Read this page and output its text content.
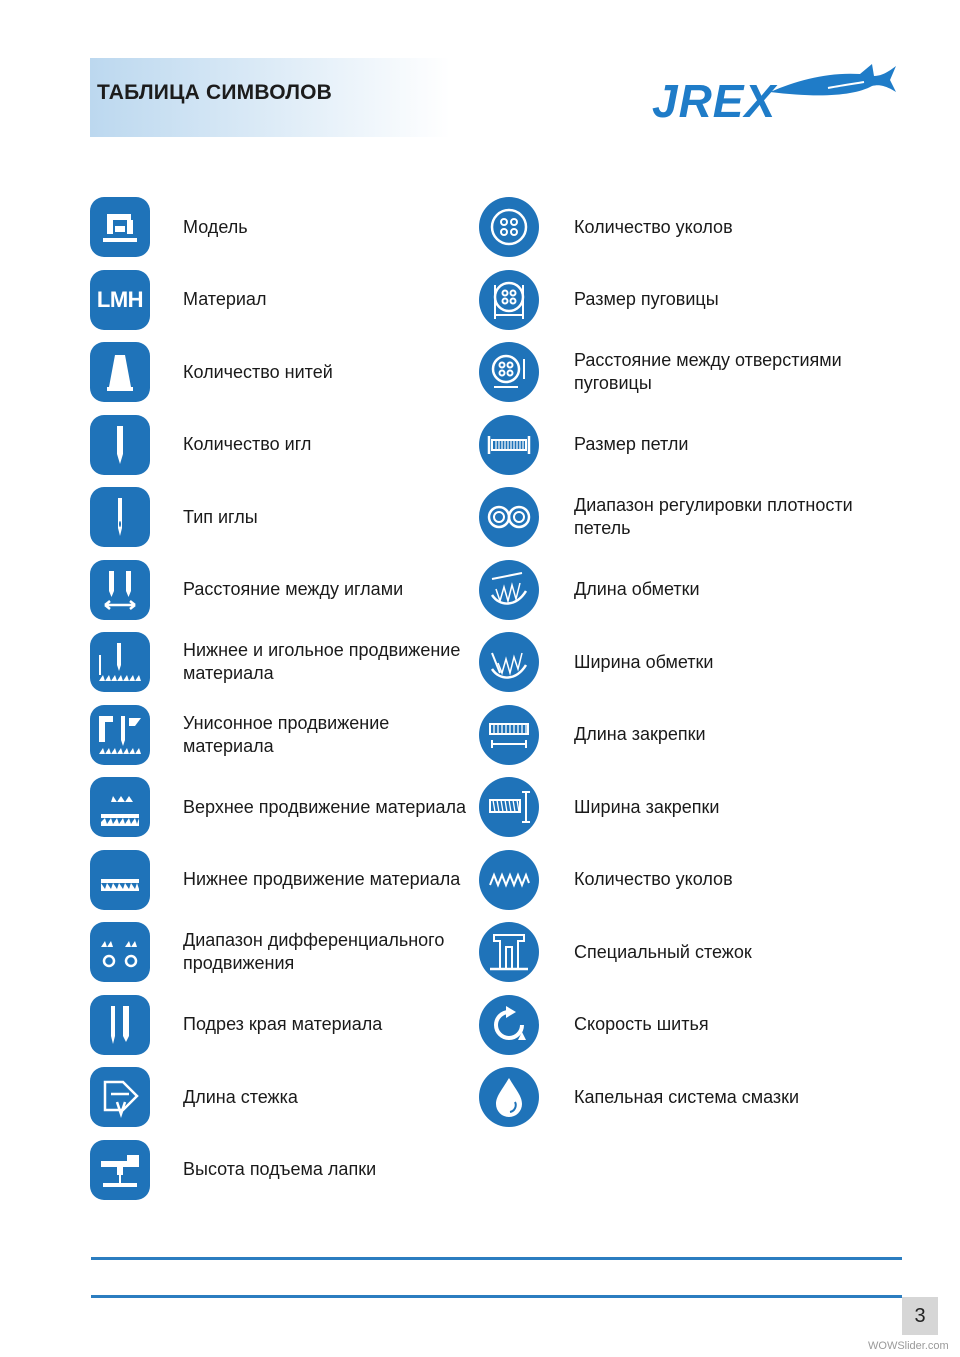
ТАБЛИЦА СИМВОЛОВ	JREX
Модель
LMH Материал
Количество нитей
Количество игл
Тип иглы
Расстояние между иглами
Нижнее и игольное продвижение материала
Унисонное продвижение материала
Верхнее продвижение материала
Нижнее продвижение материала
Диапазон дифференциального продвижения
Подрез края материала
Длина стежка
Высота подъема лапки
Количество уколов
Размер пуговицы
Расстояние между отверстиями пуговицы
Размер петли
Диапазон регулировки плотности петель
Длина обметки
Ширина обметки
Длина закрепки
Ширина закрепки
Количество уколов
Специальный стежок
Скорость шитья
Капельная система смазки
3
WOWSlider.com
